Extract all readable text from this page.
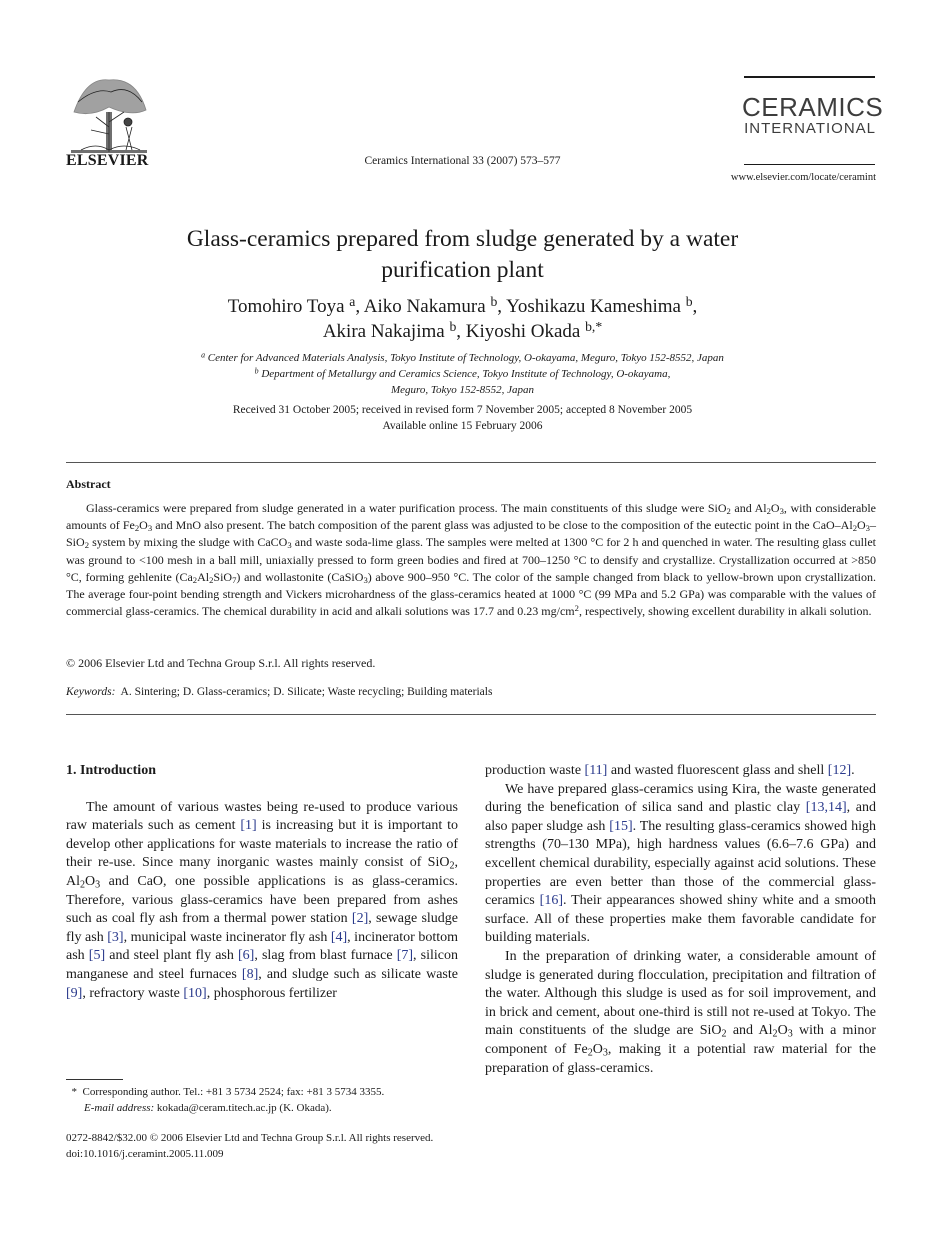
ELSEVIER	Ceramics International 33 (2007) 573–577
CERAMICS
INTERNATIONAL
www.elsevier.com/locate/ceramint
Glass-ceramics prepared from sludge generated by a water
purification plant
Tomohiro Toya $^a$, Aiko Nakamura $^b$, Yoshikazu Kameshima $^b$,
Akira Nakajima $^b$, Kiyoshi Okada $^{b,*}$
$^a$ Center for Advanced Materials Analysis, Tokyo Institute of Technology, O-okayama, Meguro, Tokyo 152-8552, Japan
$^b$ Department of Metallurgy and Ceramics Science, Tokyo Institute of Technology, O-okayama,
Meguro, Tokyo 152-8552, Japan
Received 31 October 2005; received in revised form 7 November 2005; accepted 8 November 2005
Available online 15 February 2006
Abstract

Glass-ceramics were prepared from sludge generated in a water purification process. The main constituents of this sludge were SiO$_2$ and $Al_2O_3$, with considerable amounts of $Fe_2O_3$ and MnO also present. The batch composition of the parent glass was adjusted to be close to the composition of the eutectic point in the CaO–$Al_2O_3-SiO_2$ system by mixing the sludge with CaCO$_3$ and waste soda-lime glass. The samples were melted at 1300 °C for 2 h and quenched in water. The resulting glass cullet was ground to <100 mesh in a ball mill, uniaxially pressed to form green bodies and fired at 700–1250 °C to densify and crystallize. Crystallization occurred at >850 °C, forming gehlenite $(Ca_2Al_2SiO_7)$ and wollastonite (CaSiO$_3$) above 900–950 °C. The color of the sample changed from black to yellow-brown upon crystallization. The average four-point bending strength and Vickers microhardness of the glass-ceramics heated at 1000 °C (99 MPa and 5.2 GPa) was comparable with the values of commercial glass-ceramics. The chemical durability in acid and alkali solutions was 17.7 and 0.23 $mg/cm^2$, respectively, showing excellent durability in alkali solution.

© 2006 Elsevier Ltd and Techna Group S.r.l. All rights reserved.
Keywords: A. Sintering; D. Glass-ceramics; D. Silicate; Waste recycling; Building materials
1. Introduction

The amount of various wastes being re-used to produce various raw materials such as cement [1] is increasing but it is important to develop other applications for waste materials to increase the ratio of their re-use. Since many inorganic wastes mainly consist of SiO$_2$, $Al_2O_3$ and CaO, one possible applications is as glass-ceramics. Therefore, various glass-ceramics have been prepared from ashes such as coal fly ash from a thermal power station [2], sewage sludge fly ash [3], municipal waste incinerator fly ash [4], incinerator bottom ash [5] and steel plant fly ash [6], slag from blast furnace [7], silicon manganese and steel furnaces [8], and sludge such as silicate waste [9], refractory waste [10], phosphorous fertilizer

production waste [11] and wasted fluorescent glass and shell [12].

We have prepared glass-ceramics using Kira, the waste generated during the benefication of silica sand and plastic clay [13,14], and also paper sludge ash [15]. The resulting glass-ceramics showed high strengths (70–130 MPa), high hardness values (6.6–7.6 GPa) and excellent chemical durability, especially against acid solutions. These properties are even better than those of the commercial glass-ceramics [16]. Their appearances showed shiny white and a smooth surface. All of these properties make them favorable candidate for building materials.

In the preparation of drinking water, a considerable amount of sludge is generated during flocculation, precipitation and filtration of the water. Although this sludge is used as for soil improvement, and in brick and cement, about one-third is still not re-used at Tokyo. The main constituents of the sludge are SiO$_2$ and $Al_2O_3$ with a minor component of $Fe_2O_3$, making it a potential raw material for the preparation of glass-ceramics.

* Corresponding author. Tel.: +81 3 5734 2524; fax: +81 3 5734 3355.
E-mail address: kokada@ceram.titech.ac.jp (K. Okada).
0272-8842/$32.00 © 2006 Elsevier Ltd and Techna Group S.r.l. All rights reserved.
doi:10.1016/j.ceramint.2005.11.009
